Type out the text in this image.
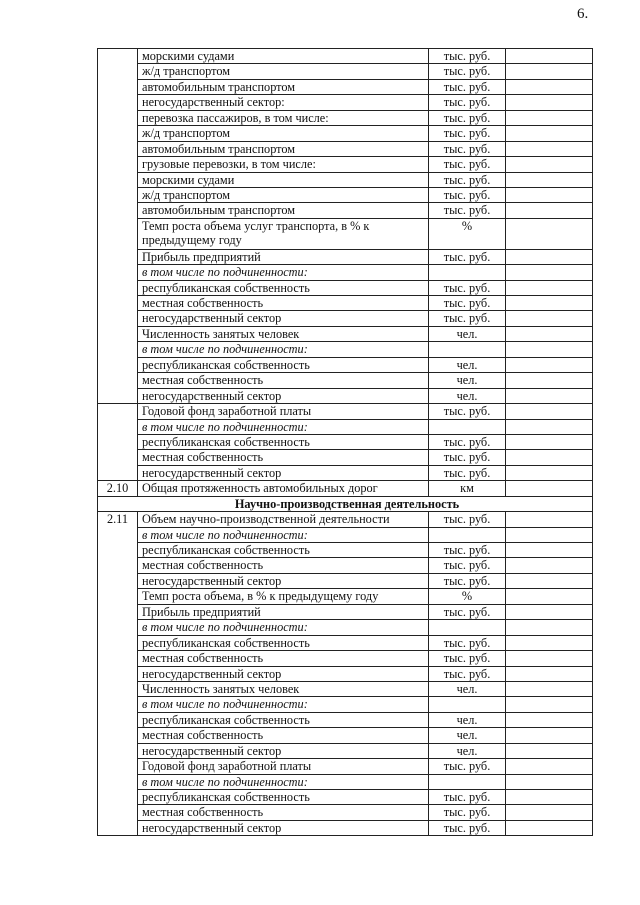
6.
	морскими судами	тыс. руб.	
	ж/д транспортом	тыс. руб.	
	автомобильным транспортом	тыс. руб.	
	негосударственный сектор:	тыс. руб.	
	перевозка пассажиров, в том числе:	тыс. руб.	
	ж/д транспортом	тыс. руб.	
	автомобильным транспортом	тыс. руб.	
	грузовые перевозки, в том числе:	тыс. руб.	
	морскими судами	тыс. руб.	
	ж/д транспортом	тыс. руб.	
	автомобильным транспортом	тыс. руб.	
	Темп роста объема услуг транспорта, в % к предыдущему году	%	
	Прибыль предприятий	тыс. руб.	
	в том числе по подчиненности:		
	республиканская собственность	тыс. руб.	
	местная собственность	тыс. руб.	
	негосударственный сектор	тыс. руб.	
	Численность занятых человек	чел.	
	в том числе по подчиненности:		
	республиканская собственность	чел.	
	местная собственность	чел.	
	негосударственный сектор	чел.	
	Годовой фонд заработной платы	тыс. руб.	
	в том числе по подчиненности:		
	республиканская собственность	тыс. руб.	
	местная собственность	тыс. руб.	
	негосударственный сектор	тыс. руб.	
2.10	Общая протяженность автомобильных дорог	км	
Научно-производственная деятельность			
2.11	Объем научно-производственной деятельности	тыс. руб.	
	в том числе по подчиненности:		
	республиканская собственность	тыс. руб.	
	местная собственность	тыс. руб.	
	негосударственный сектор	тыс. руб.	
	Темп роста объема, в % к предыдущему году	%	
	Прибыль предприятий	тыс. руб.	
	в том числе по подчиненности:		
	республиканская собственность	тыс. руб.	
	местная собственность	тыс. руб.	
	негосударственный сектор	тыс. руб.	
	Численность занятых человек	чел.	
	в том числе по подчиненности:		
	республиканская собственность	чел.	
	местная собственность	чел.	
	негосударственный сектор	чел.	
	Годовой фонд заработной платы	тыс. руб.	
	в том числе по подчиненности:		
	республиканская собственность	тыс. руб.	
	местная собственность	тыс. руб.	
	негосударственный сектор	тыс. руб.	
